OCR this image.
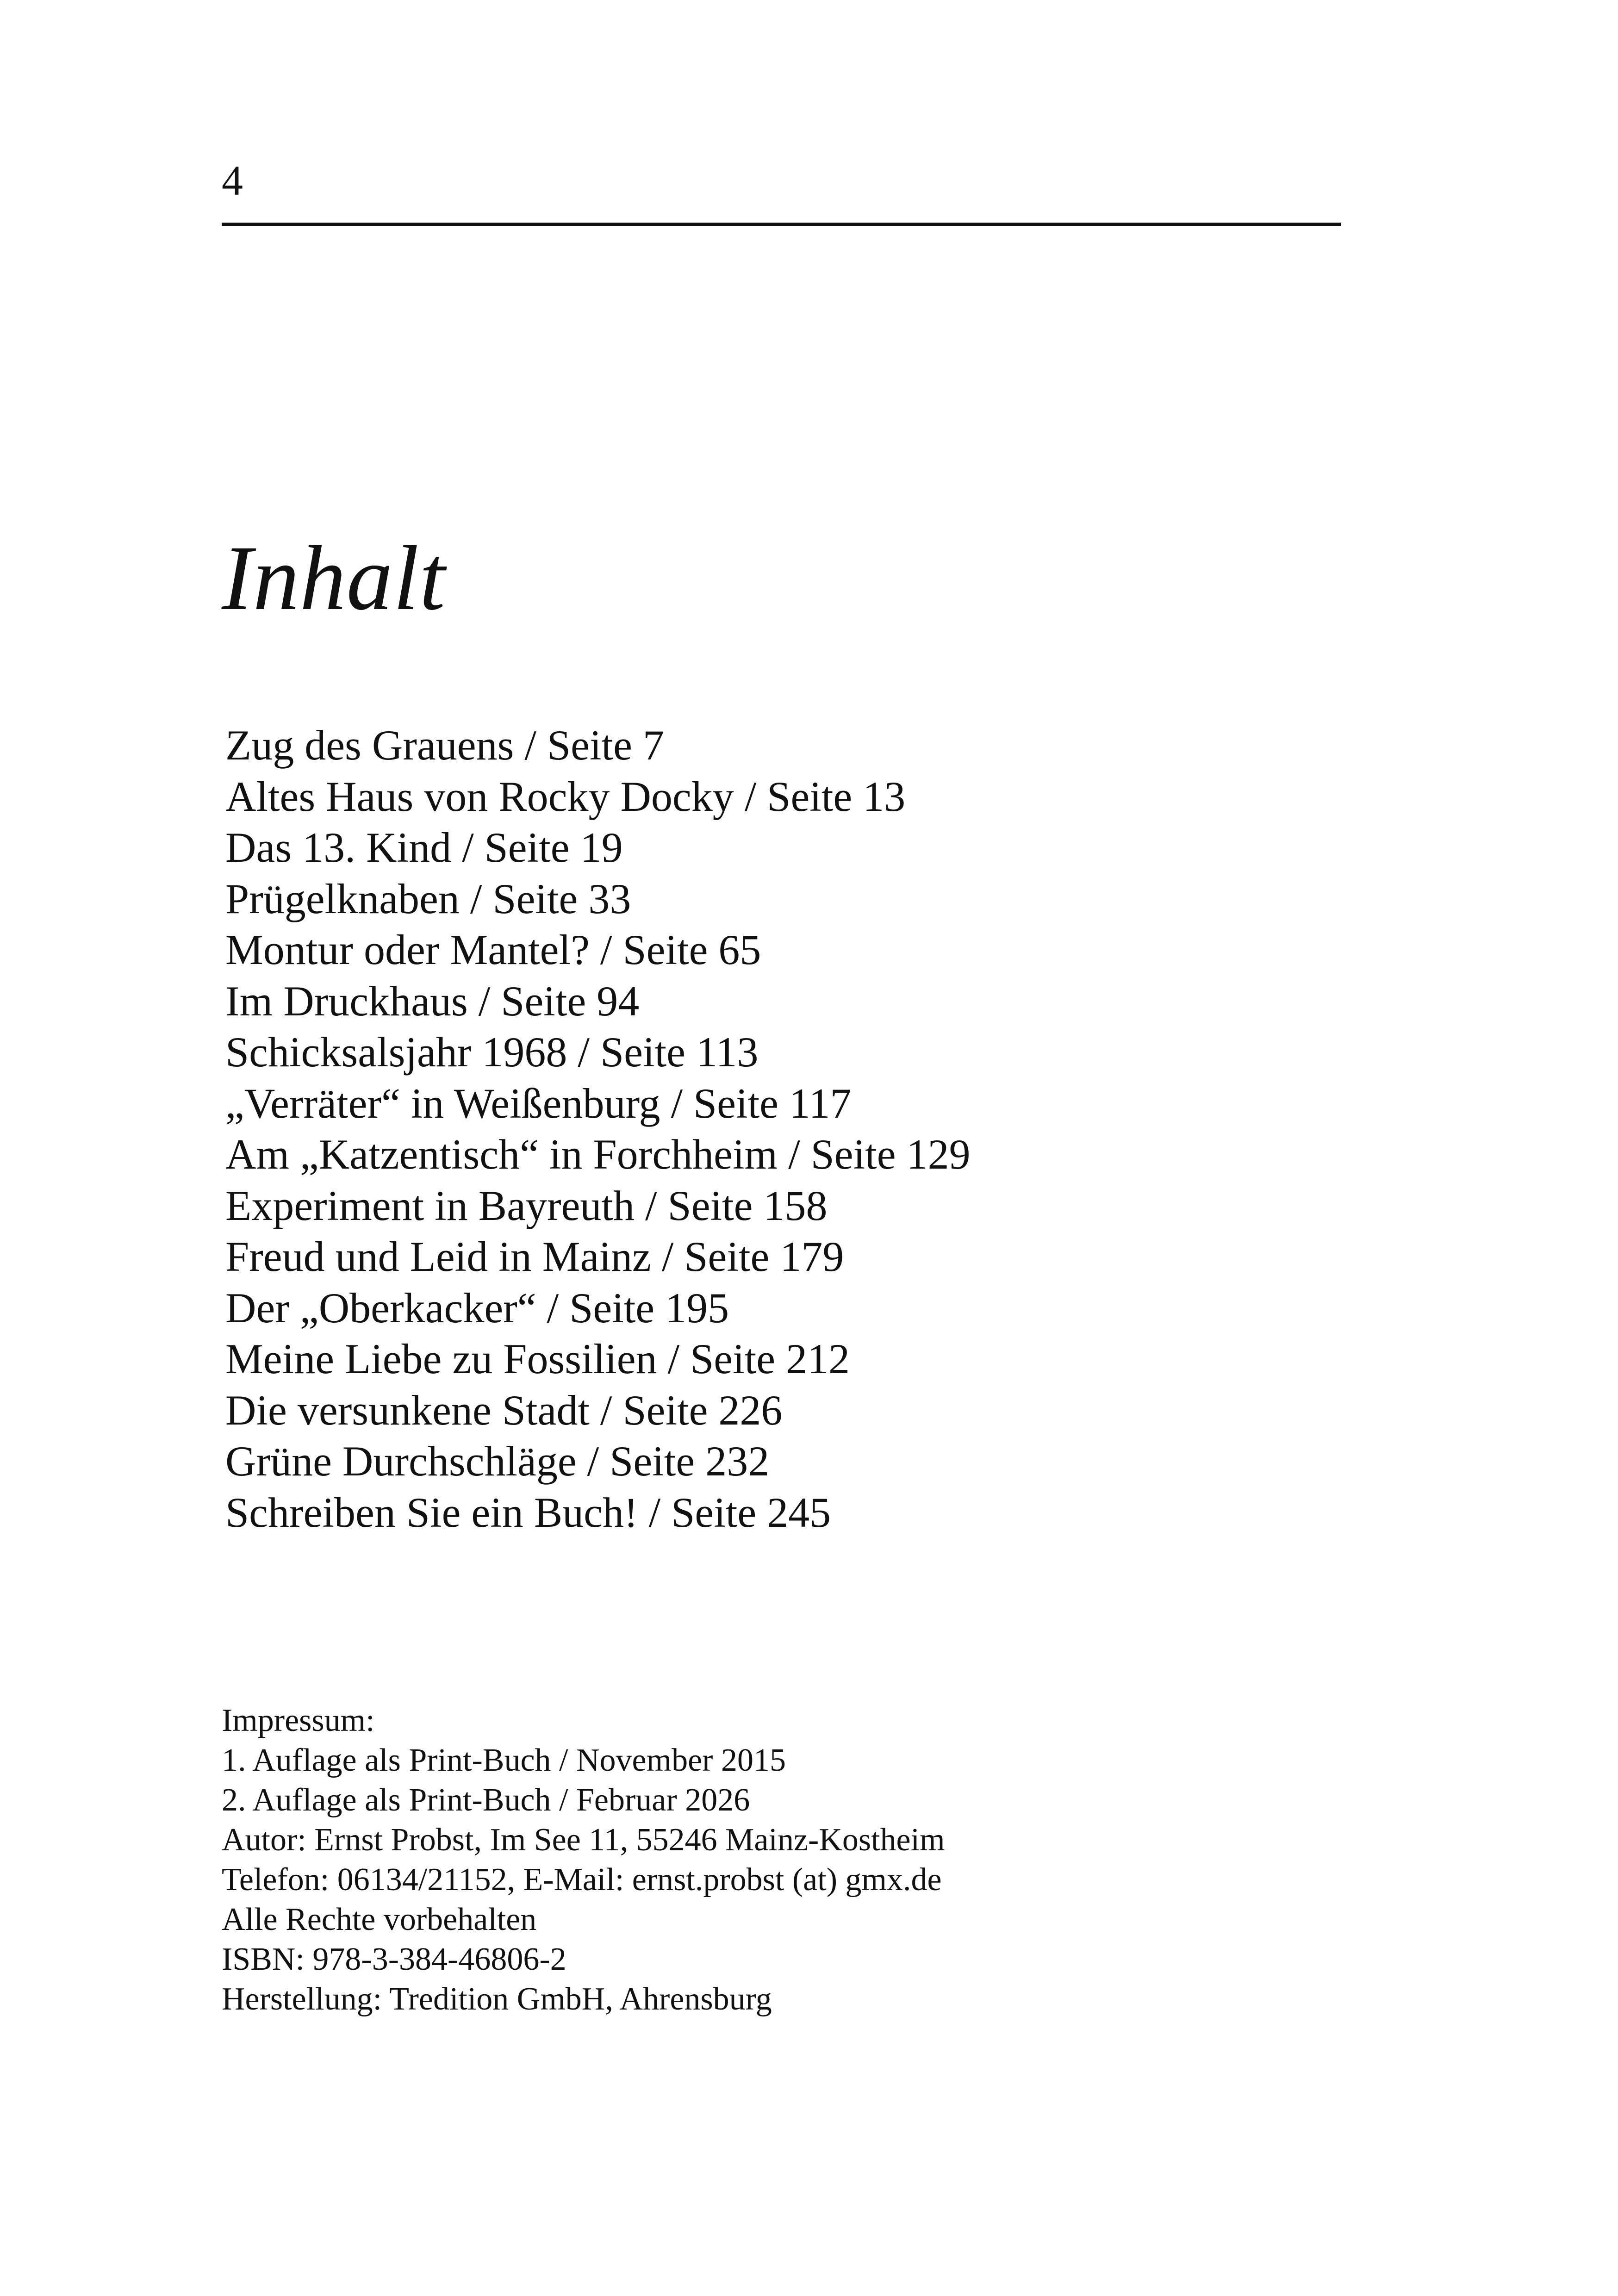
4
Inhalt
Zug des Grauens / Seite 7
Altes Haus von Rocky Docky / Seite 13
Das 13. Kind / Seite 19
Prügelknaben / Seite 33
Montur oder Mantel? / Seite 65
Im Druckhaus / Seite 94
Schicksalsjahr 1968 / Seite 113
„Verräter“ in Weißenburg / Seite 117
Am „Katzentisch“ in Forchheim / Seite 129
Experiment in Bayreuth / Seite 158
Freud und Leid in Mainz / Seite 179
Der „Oberkacker“ / Seite 195
Meine Liebe zu Fossilien / Seite 212
Die versunkene Stadt / Seite 226
Grüne Durchschläge / Seite 232
Schreiben Sie ein Buch! / Seite 245
Impressum:
1. Auflage als Print-Buch / November 2015
2. Auflage als Print-Buch / Februar 2026
Autor: Ernst Probst, Im See 11, 55246 Mainz-Kostheim
Telefon: 06134/21152, E-Mail: ernst.probst (at) gmx.de
Alle Rechte vorbehalten
ISBN: 978-3-384-46806-2
Herstellung: Tredition GmbH, Ahrensburg
